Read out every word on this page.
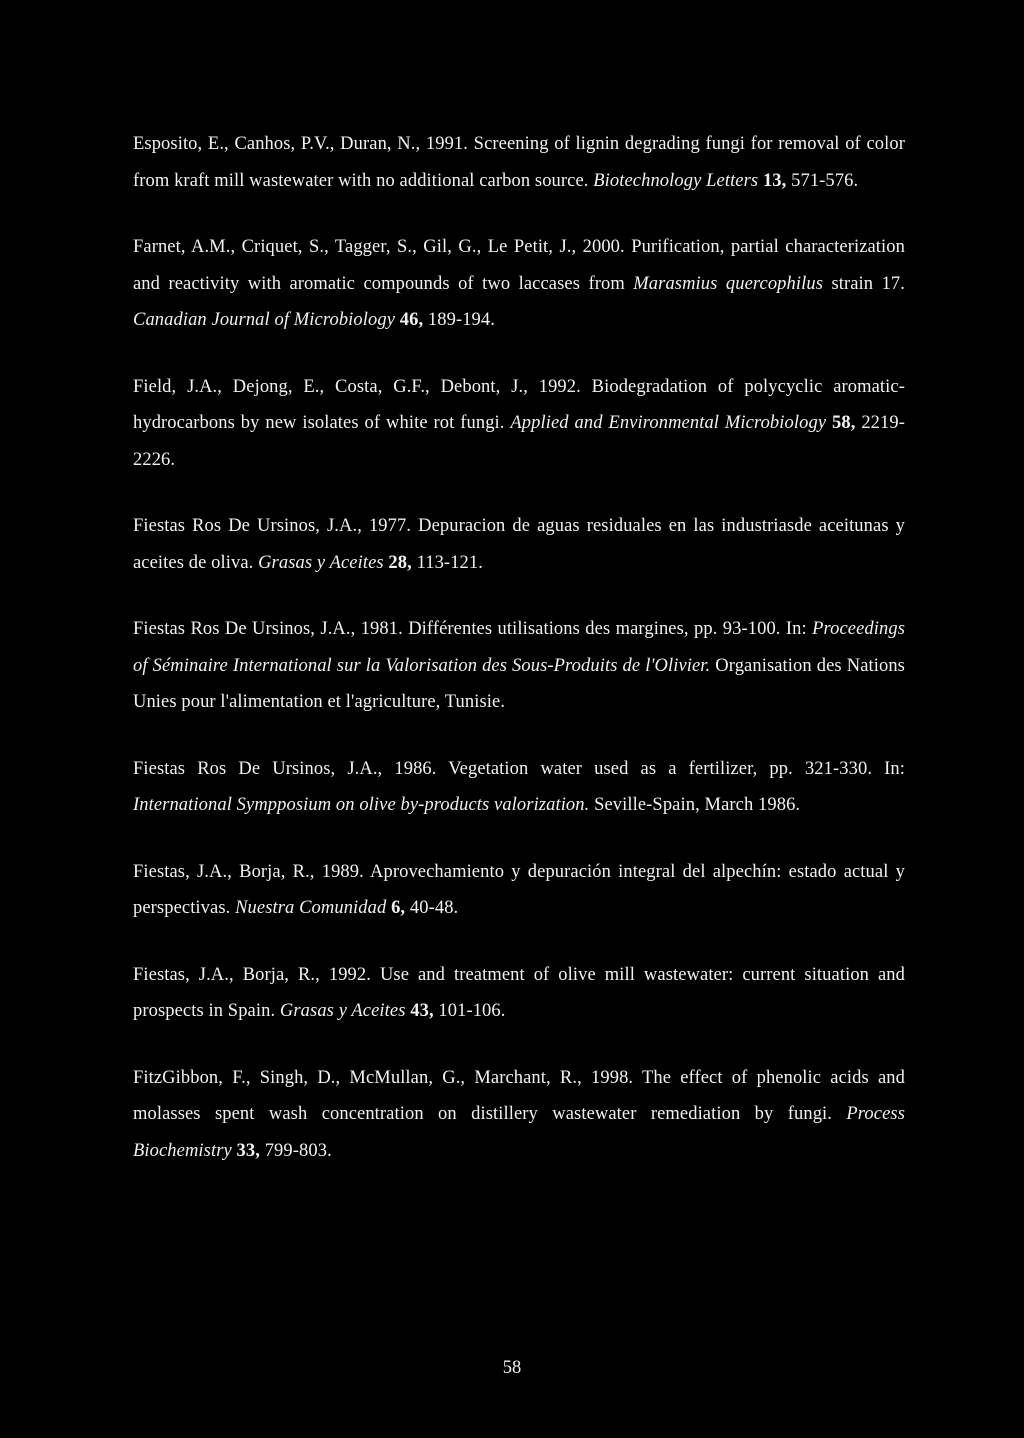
Esposito, E., Canhos, P.V., Duran, N., 1991. Screening of lignin degrading fungi for removal of color from kraft mill wastewater with no additional carbon source. Biotechnology Letters 13, 571-576.

Farnet, A.M., Criquet, S., Tagger, S., Gil, G., Le Petit, J., 2000. Purification, partial characterization and reactivity with aromatic compounds of two laccases from Marasmius quercophilus strain 17. Canadian Journal of Microbiology 46, 189-194.

Field, J.A., Dejong, E., Costa, G.F., Debont, J., 1992. Biodegradation of polycyclic aromatic-hydrocarbons by new isolates of white rot fungi. Applied and Environmental Microbiology 58, 2219-2226.

Fiestas Ros De Ursinos, J.A., 1977. Depuracion de aguas residuales en las industriasde aceitunas y aceites de oliva. Grasas y Aceites 28, 113-121.

Fiestas Ros De Ursinos, J.A., 1981. Différentes utilisations des margines, pp. 93-100. In: Proceedings of Séminaire International sur la Valorisation des Sous-Produits de l'Olivier. Organisation des Nations Unies pour l'alimentation et l'agriculture, Tunisie.

Fiestas Ros De Ursinos, J.A., 1986. Vegetation water used as a fertilizer, pp. 321-330. In: International Sympposium on olive by-products valorization. Seville-Spain, March 1986.

Fiestas, J.A., Borja, R., 1989. Aprovechamiento y depuración integral del alpechín: estado actual y perspectivas. Nuestra Comunidad 6, 40-48.

Fiestas, J.A., Borja, R., 1992. Use and treatment of olive mill wastewater: current situation and prospects in Spain. Grasas y Aceites 43, 101-106.

FitzGibbon, F., Singh, D., McMullan, G., Marchant, R., 1998. The effect of phenolic acids and molasses spent wash concentration on distillery wastewater remediation by fungi. Process Biochemistry 33, 799-803.

58
